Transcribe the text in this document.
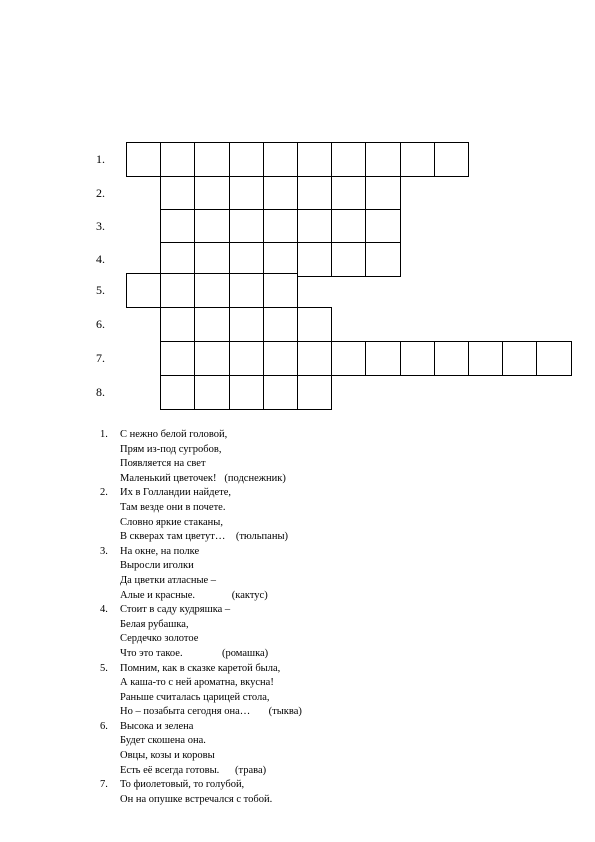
1.
2.
3.
4.
5.
6.
7.
8.
1.	С нежно белой головой,
Прям из-под сугробов,
Появляется на свет
Маленький цветочек!   (подснежник)
2.	Их в Голландии найдете,
Там везде они в почете.
Словно яркие стаканы,
В скверах там цветут…    (тюльпаны)
3.	На окне, на полке
Выросли иголки
Да цветки атласные –
Алые и красные.              (кактус)
4.	Стоит в саду кудряшка –
Белая рубашка,
Сердечко золотое
Что это такое.               (ромашка)
5.	Помним, как в сказке каретой была,
А каша-то с ней ароматна, вкусна!
Раньше считалась царицей стола,
Но – позабыта сегодня она…       (тыква)
6.	Высока и зелена
Будет скошена она.
Овцы, козы и коровы
Есть её всегда готовы.      (трава)
7.	То фиолетовый, то голубой,
Он на опушке встречался с тобой.
